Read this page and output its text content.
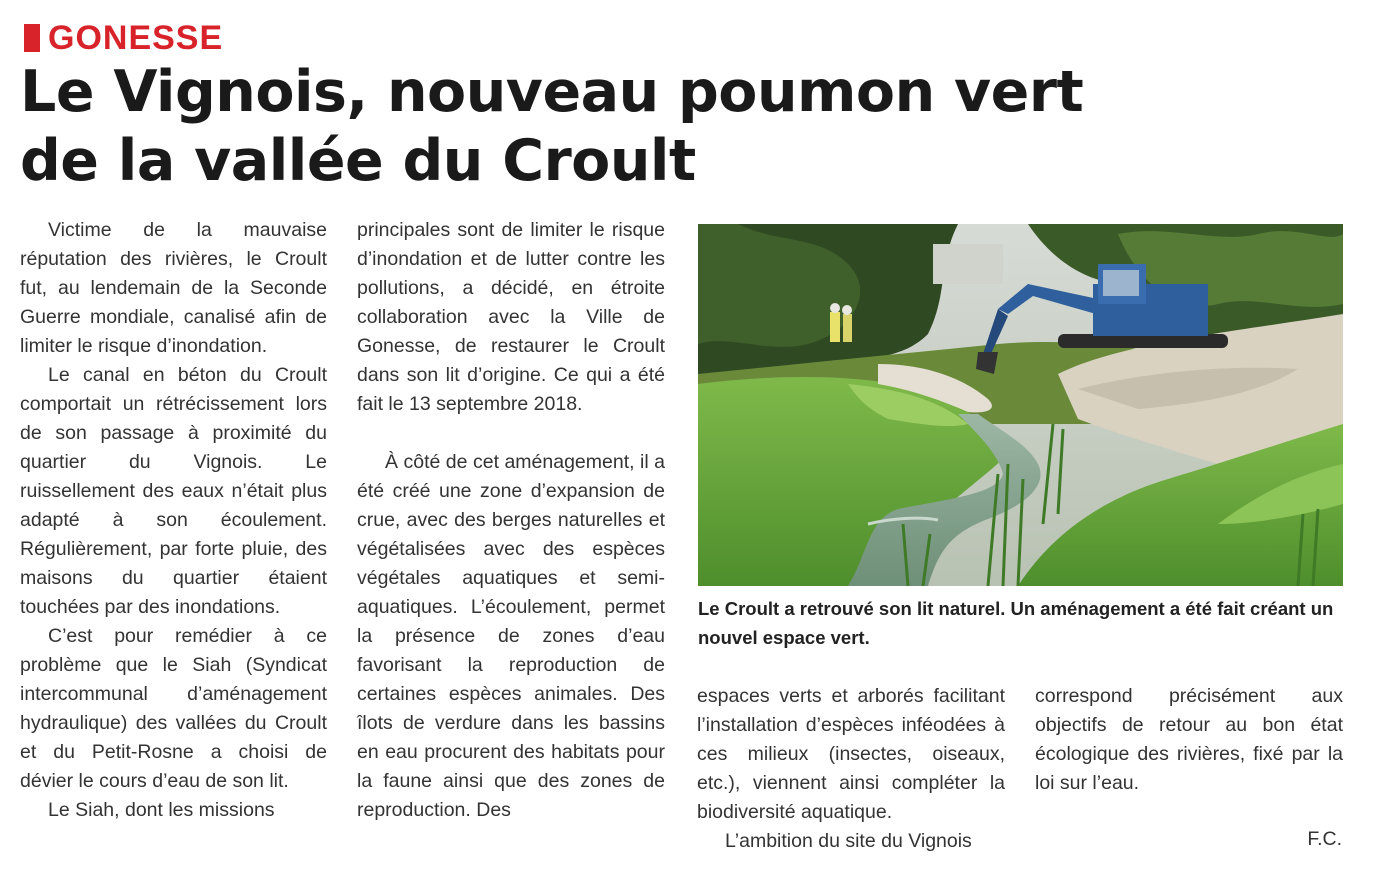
GONESSE
Le Vignois, nouveau poumon vert
de la vallée du Croult

Victime de la mauvaise réputation des rivières, le Croult fut, au lendemain de la Seconde Guerre mondiale, canalisé afin de limiter le risque d’inondation.

Le canal en béton du Croult comportait un rétrécissement lors de son passage à proximité du quartier du Vignois. Le ruissellement des eaux n’était plus adapté à son écoulement. Régulièrement, par forte pluie, des maisons du quartier étaient touchées par des inondations.

C’est pour remédier à ce problème que le Siah (Syndicat intercommunal d’aménagement hydraulique) des vallées du Croult et du Petit-Rosne a choisi de dévier le cours d’eau de son lit.

Le Siah, dont les missions

principales sont de limiter le risque d’inondation et de lutter contre les pollutions, a décidé, en étroite collaboration avec la Ville de Gonesse, de restaurer le Croult dans son lit d’origine. Ce qui a été fait le 13 septembre 2018.

À côté de cet aménagement, il a été créé une zone d’expansion de crue, avec des berges naturelles et végétalisées avec des espèces végétales aquatiques et semi-aquatiques. L’écoulement, permet la présence de zones d’eau favorisant la reproduction de certaines espèces animales. Des îlots de verdure dans les bassins en eau procurent des habitats pour la faune ainsi que des zones de reproduction. Des

Le Croult a retrouvé son lit naturel. Un aménagement a été fait créant un nouvel espace vert.

espaces verts et arborés facilitant l’installation d’espèces inféodées à ces milieux (insectes, oiseaux, etc.), viennent ainsi compléter la biodiversité aquatique.

L’ambition du site du Vignois

correspond précisément aux objectifs de retour au bon état écologique des rivières, fixé par la loi sur l’eau.

F.C.
